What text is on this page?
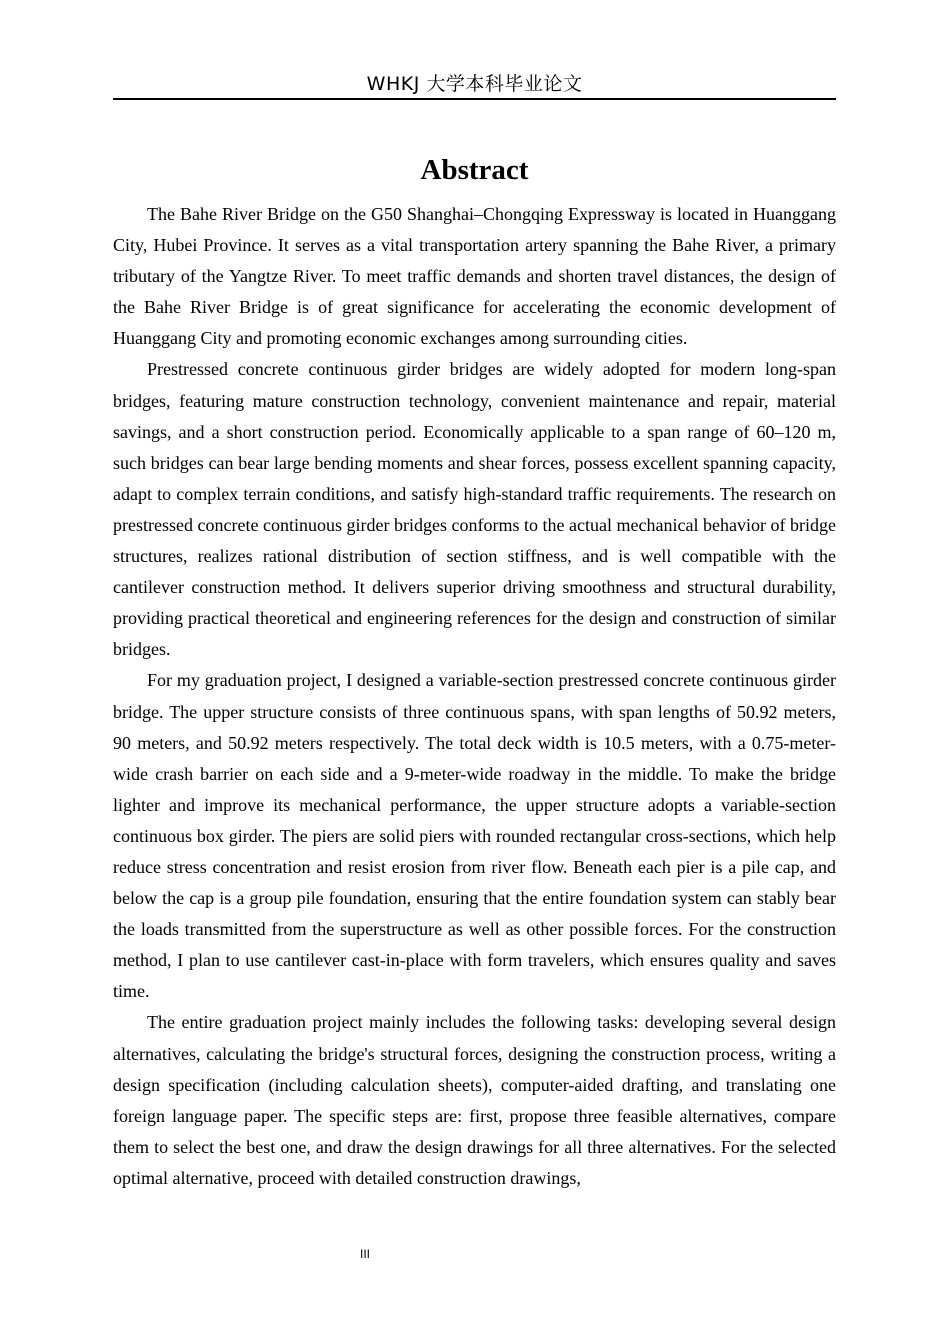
WHKJ 大学本科毕业论文
Abstract

The Bahe River Bridge on the G50 Shanghai–Chongqing Expressway is located in Huanggang City, Hubei Province. It serves as a vital transportation artery spanning the Bahe River, a primary tributary of the Yangtze River. To meet traffic demands and shorten travel distances, the design of the Bahe River Bridge is of great significance for accelerating the economic development of Huanggang City and promoting economic exchanges among surrounding cities.

Prestressed concrete continuous girder bridges are widely adopted for modern long-span bridges, featuring mature construction technology, convenient maintenance and repair, material savings, and a short construction period. Economically applicable to a span range of 60–120 m, such bridges can bear large bending moments and shear forces, possess excellent spanning capacity, adapt to complex terrain conditions, and satisfy high-standard traffic requirements. The research on prestressed concrete continuous girder bridges conforms to the actual mechanical behavior of bridge structures, realizes rational distribution of section stiffness, and is well compatible with the cantilever construction method. It delivers superior driving smoothness and structural durability, providing practical theoretical and engineering references for the design and construction of similar bridges.

For my graduation project, I designed a variable-section prestressed concrete continuous girder bridge. The upper structure consists of three continuous spans, with span lengths of 50.92 meters, 90 meters, and 50.92 meters respectively. The total deck width is 10.5 meters, with a 0.75-meter-wide crash barrier on each side and a 9-meter-wide roadway in the middle. To make the bridge lighter and improve its mechanical performance, the upper structure adopts a variable-section continuous box girder. The piers are solid piers with rounded rectangular cross-sections, which help reduce stress concentration and resist erosion from river flow. Beneath each pier is a pile cap, and below the cap is a group pile foundation, ensuring that the entire foundation system can stably bear the loads transmitted from the superstructure as well as other possible forces. For the construction method, I plan to use cantilever cast-in-place with form travelers, which ensures quality and saves time.

The entire graduation project mainly includes the following tasks: developing several design alternatives, calculating the bridge's structural forces, designing the construction process, writing a design specification (including calculation sheets), computer-aided drafting, and translating one foreign language paper. The specific steps are: first, propose three feasible alternatives, compare them to select the best one, and draw the design drawings for all three alternatives. For the selected optimal alternative, proceed with detailed construction drawings,

III
